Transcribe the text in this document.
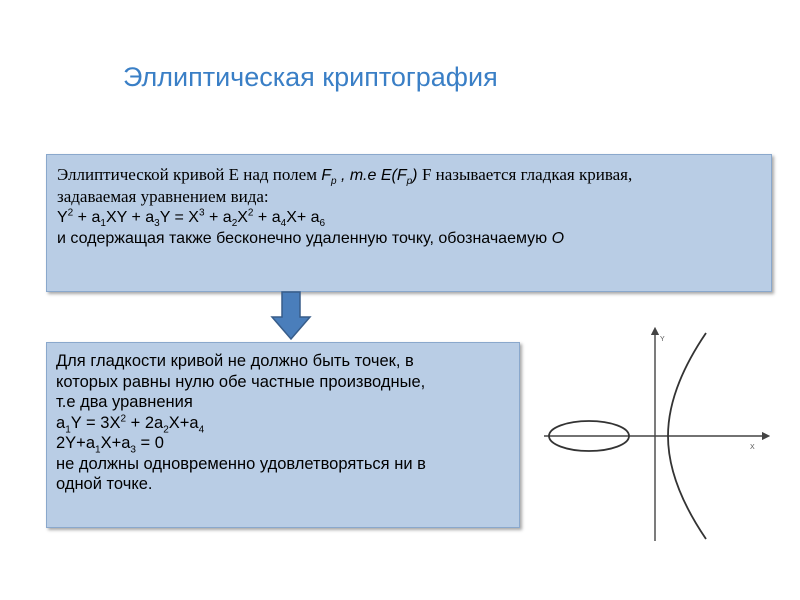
Эллиптическая криптография
Эллиптической кривой E над полем $F_p$ , т.е $E(F_p)$ F называется гладкая кривая,
задаваемая уравнением вида:
$Y^2 + a_1XY + a_3Y = X^3 + a_2X^2 + a_4X+ a_6$
и содержащая также бесконечно удаленную точку, обозначаемую O
Для гладкости кривой не должно быть точек, в
которых равны нулю обе частные производные,
т.е два уравнения
$a_1Y = 3X^2 + 2a_2X+a_4$
$2Y+a_1X+a_3 = 0$
не должны одновременно удовлетворяться ни в
одной точке.
Y
X
